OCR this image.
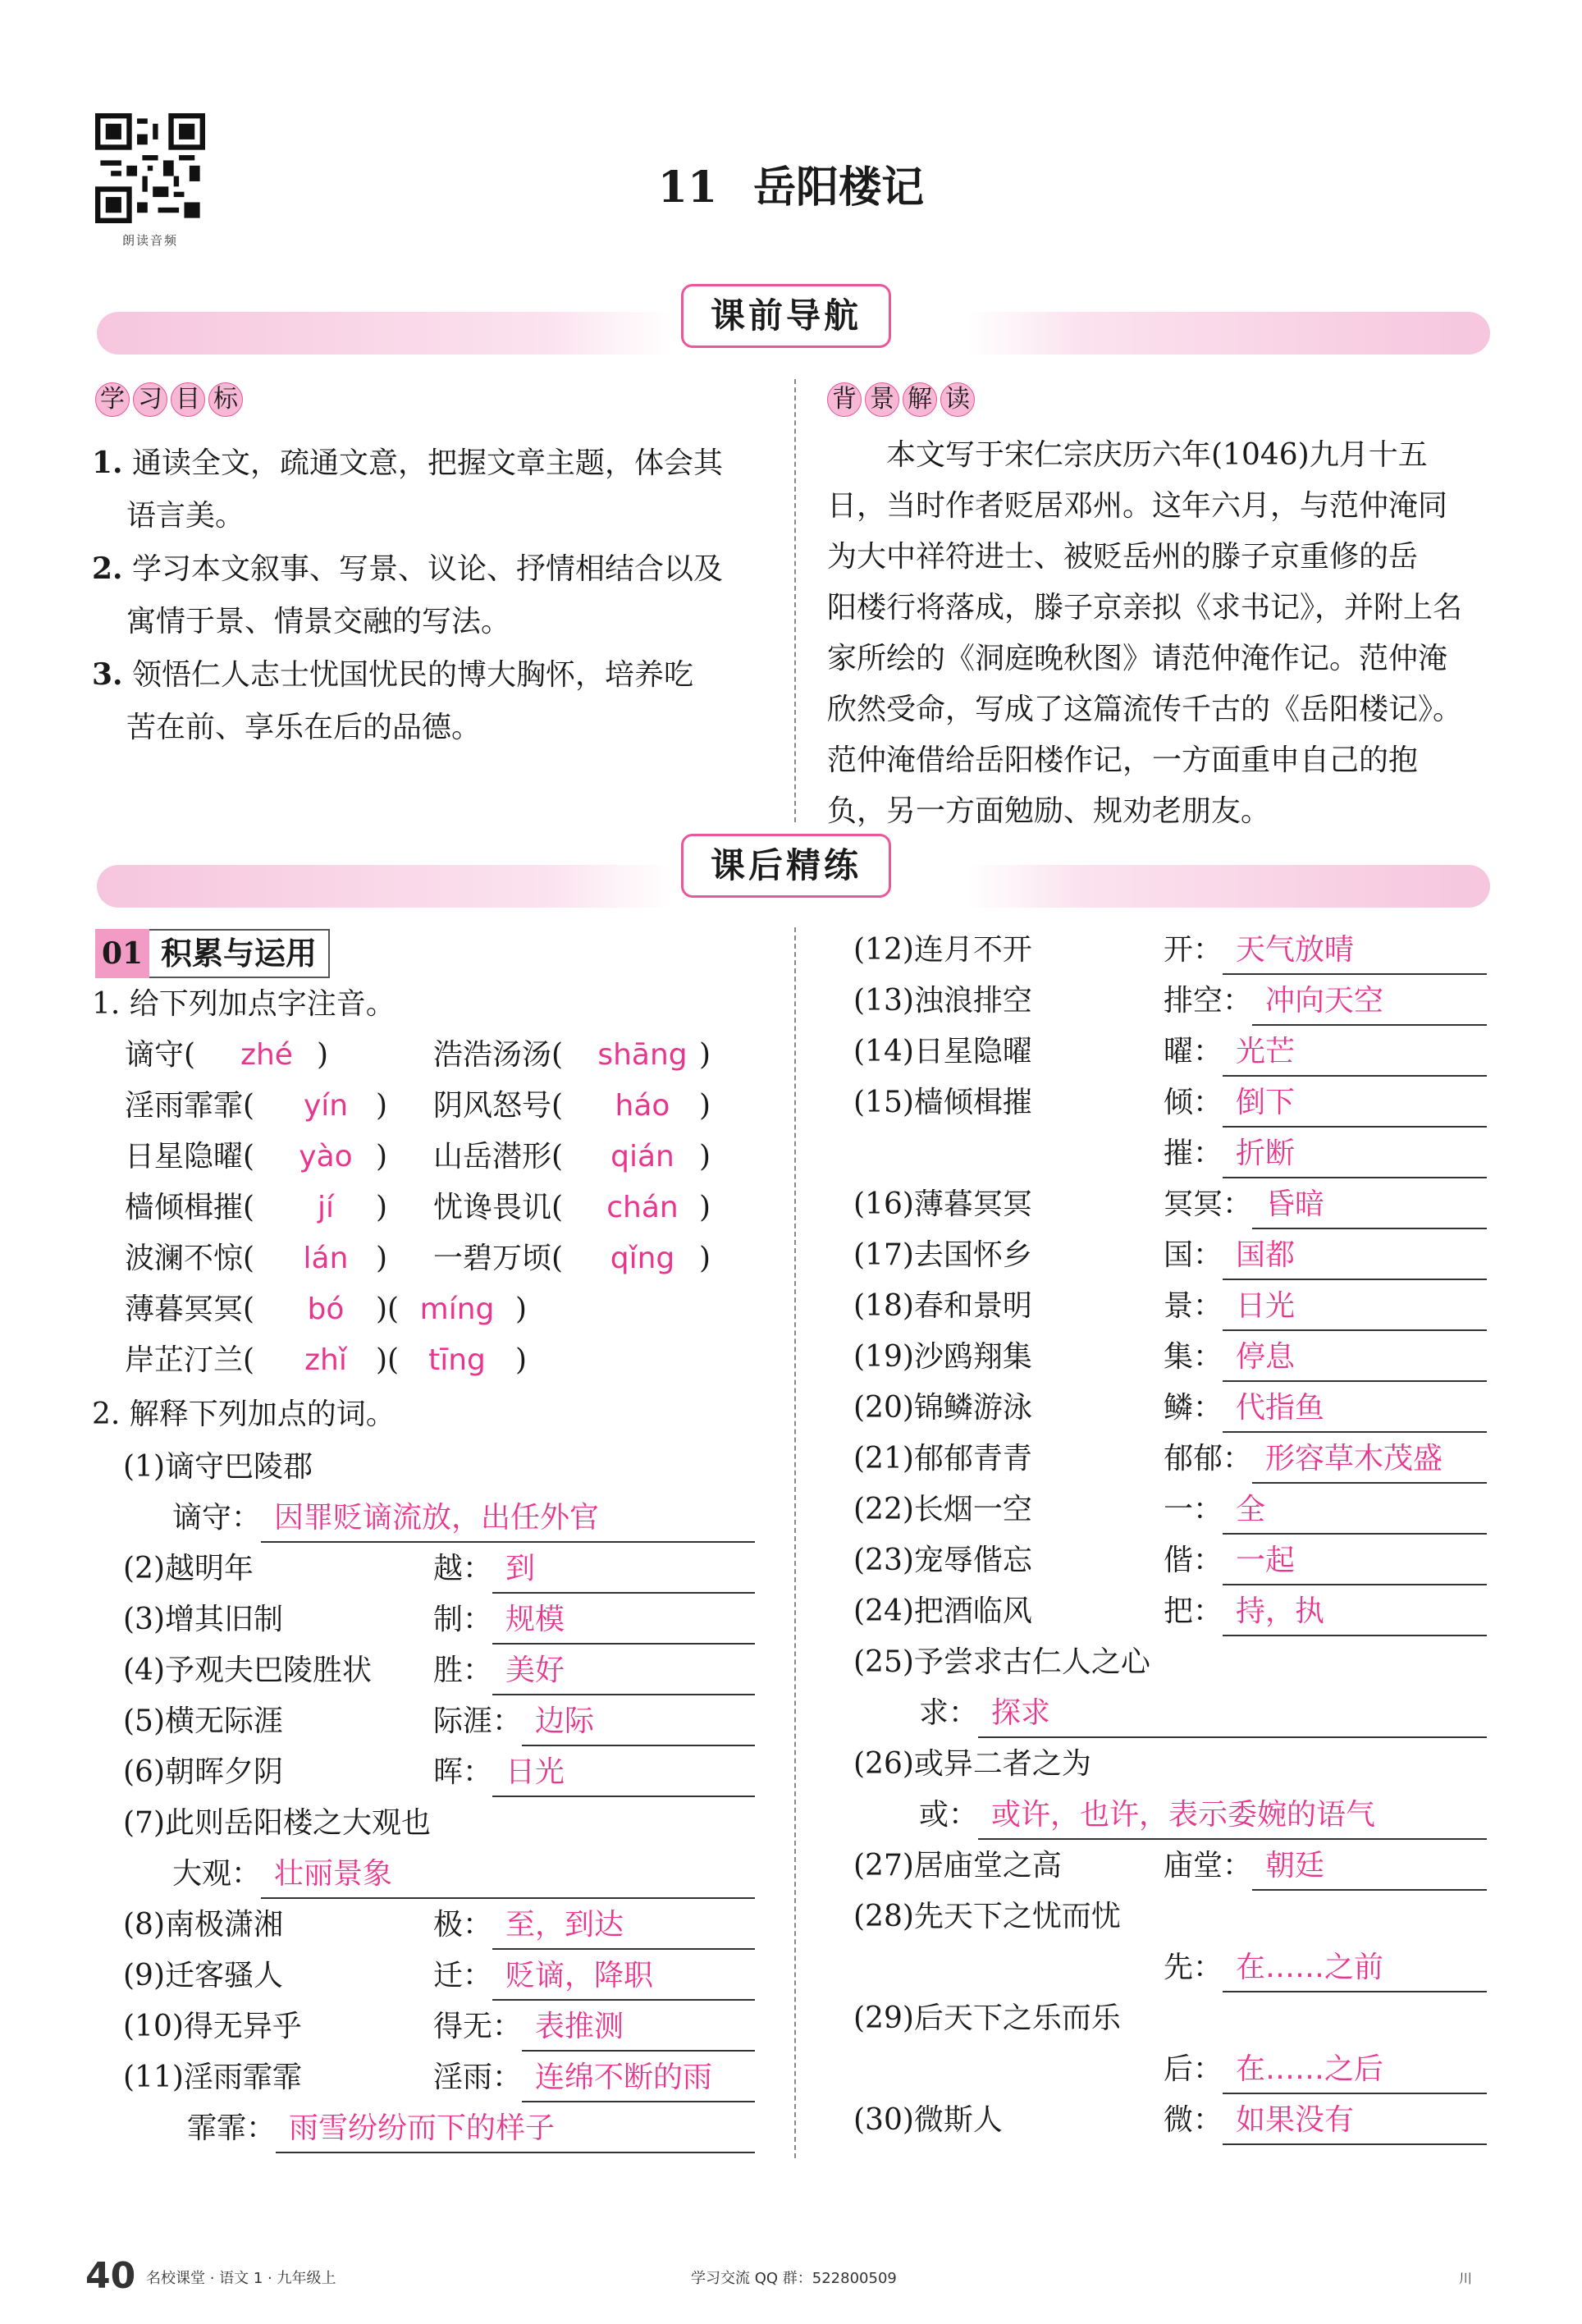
朗读音频
11 岳阳楼记
课前导航
学 习 目 标
1. 通读全文，疏通文意，把握文章主题，体会其
语言美。
2. 学习本文叙事、写景、议论、抒情相结合以及
寓情于景、情景交融的写法。
3. 领悟仁人志士忧国忧民的博大胸怀，培养吃
苦在前、享乐在后的品德。
背 景 解 读
　　本文写于宋仁宗庆历六年(1046)九月十五
日，当时作者贬居邓州。这年六月，与范仲淹同
为大中祥符进士、被贬岳州的滕子京重修的岳
阳楼行将落成，滕子京亲拟《求书记》，并附上名
家所绘的《洞庭晚秋图》请范仲淹作记。范仲淹
欣然受命，写成了这篇流传千古的《岳阳楼记》。
范仲淹借给岳阳楼作记，一方面重申自己的抱
负，另一方面勉励、规劝老朋友。
课后精练
01 积累与运用
1. 给下列加点字注音。
2. 解释下列加点的词。
40 名校课堂 · 语文 1 · 九年级上	学习交流 QQ 群：522800509	川
谪守(	zhé )	浩浩汤汤( shāng )
淫雨霏霏(	yín ) 阴风怒号(	háo )
日星隐曜(	yào ) 山岳潜形(	qián )
樯倾楫摧(	jí	) 忧谗畏讥(	chán )
波澜不惊(	lán ) 一碧万顷(	qǐng )
薄暮冥冥(	bó	)( míng )
岸芷汀兰(	zhǐ )(	tīng	)
(1)谪守巴陵郡
谪守： 因罪贬谪流放，出任外官
(2)越明年	越： 到
(3)增其旧制	制： 规模
(4)予观夫巴陵胜状 胜： 美好
(5)横无际涯	际涯： 边际
(6)朝晖夕阴	晖： 日光
(7)此则岳阳楼之大观也
大观： 壮丽景象
(8)南极潇湘	极： 至，到达
(9)迁客骚人	迁： 贬谪，降职
(10)得无异乎	得无： 表推测
(11)淫雨霏霏	淫雨： 连绵不断的雨
霏霏： 雨雪纷纷而下的样子
(12)连月不开	开： 天气放晴
(13)浊浪排空	排空： 冲向天空
(14)日星隐曜	曜： 光芒
(15)樯倾楫摧	倾： 倒下
摧： 折断
(16)薄暮冥冥	冥冥： 昏暗
(17)去国怀乡	国： 国都
(18)春和景明	景： 日光
(19)沙鸥翔集	集： 停息
(20)锦鳞游泳	鳞： 代指鱼
(21)郁郁青青	郁郁： 形容草木茂盛
(22)长烟一空	一： 全
(23)宠辱偕忘	偕： 一起
(24)把酒临风	把： 持，执
(25)予尝求古仁人之心
求： 探求
(26)或异二者之为
或： 或许，也许，表示委婉的语气
(27)居庙堂之高	庙堂： 朝廷
(28)先天下之忧而忧
先： 在……之前
(29)后天下之乐而乐
后： 在……之后
(30)微斯人	微： 如果没有
